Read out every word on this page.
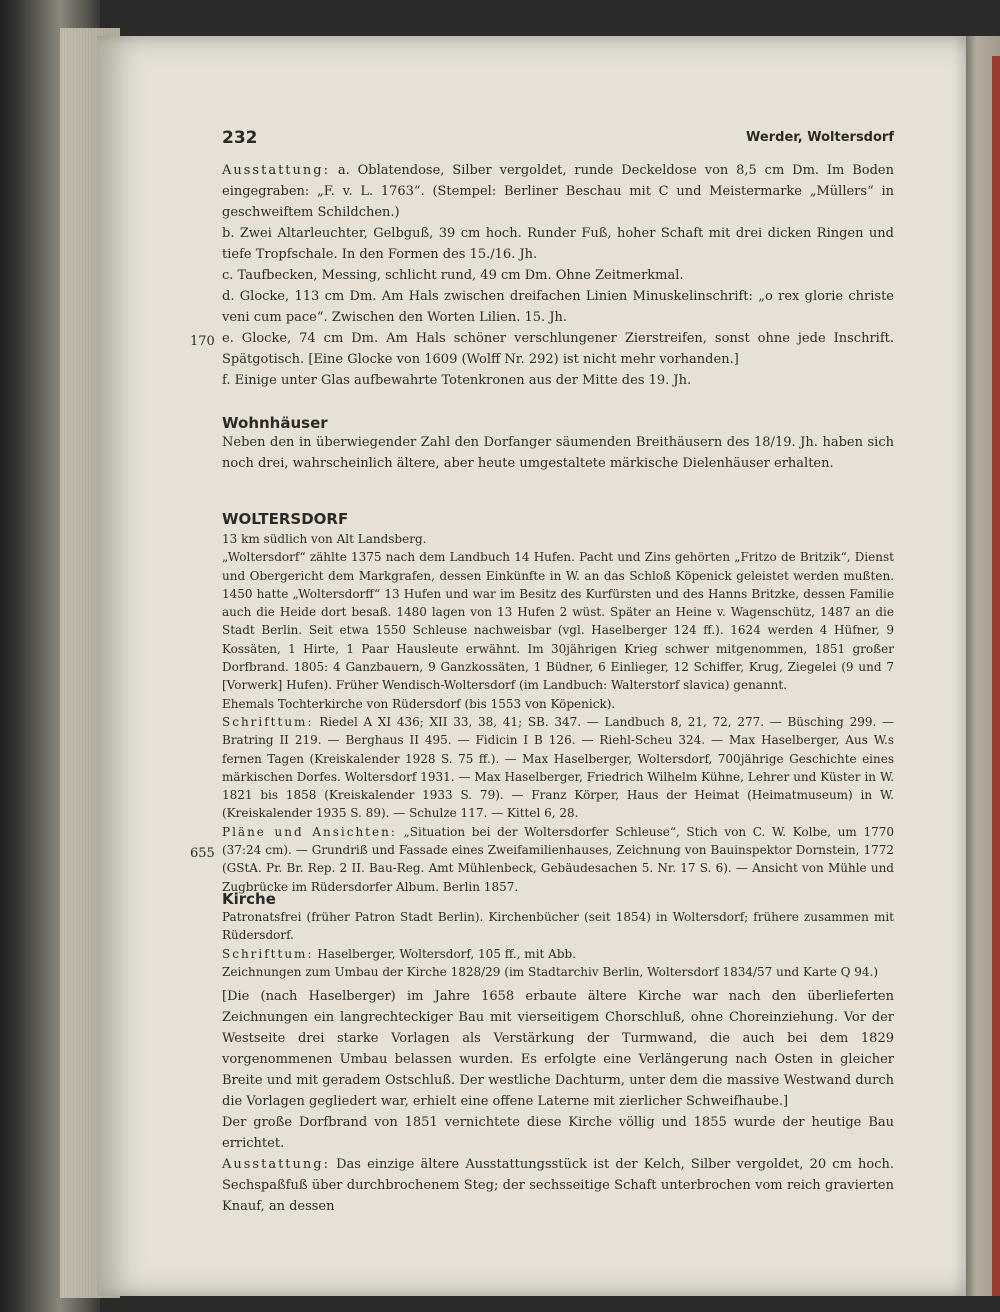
232	Werder, Woltersdorf

Ausstattung: a. Oblatendose, Silber vergoldet, runde Deckeldose von 8,5 cm Dm. Im Boden eingegraben: „F. v. L. 1763“. (Stempel: Berliner Beschau mit C und Meistermarke „Müllers“ in geschweiftem Schildchen.)

b. Zwei Altarleuchter, Gelbguß, 39 cm hoch. Runder Fuß, hoher Schaft mit drei dicken Ringen und tiefe Tropfschale. In den Formen des 15./16. Jh.

c. Taufbecken, Messing, schlicht rund, 49 cm Dm. Ohne Zeitmerkmal.

d. Glocke, 113 cm Dm. Am Hals zwischen dreifachen Linien Minuskelinschrift: „o rex glorie christe veni cum pace“. Zwischen den Worten Lilien. 15. Jh.

e. Glocke, 74 cm Dm. Am Hals schöner verschlungener Zierstreifen, sonst ohne jede Inschrift. Spätgotisch. [Eine Glocke von 1609 (Wolff Nr. 292) ist nicht mehr vorhanden.]

f. Einige unter Glas aufbewahrte Totenkronen aus der Mitte des 19. Jh.

170
Wohnhäuser

Neben den in überwiegender Zahl den Dorfanger säumenden Breithäusern des 18/19. Jh. haben sich noch drei, wahrscheinlich ältere, aber heute umgestaltete märkische Dielenhäuser erhalten.

WOLTERSDORF

13 km südlich von Alt Landsberg.

„Woltersdorf“ zählte 1375 nach dem Landbuch 14 Hufen. Pacht und Zins gehörten „Fritzo de Britzik“, Dienst und Obergericht dem Markgrafen, dessen Einkünfte in W. an das Schloß Köpenick geleistet werden mußten. 1450 hatte „Woltersdorff“ 13 Hufen und war im Besitz des Kurfürsten und des Hanns Britzke, dessen Familie auch die Heide dort besaß. 1480 lagen von 13 Hufen 2 wüst. Später an Heine v. Wagenschütz, 1487 an die Stadt Berlin. Seit etwa 1550 Schleuse nachweisbar (vgl. Haselberger 124 ff.). 1624 werden 4 Hüfner, 9 Kossäten, 1 Hirte, 1 Paar Hausleute erwähnt. Im 30jährigen Krieg schwer mitgenommen, 1851 großer Dorfbrand. 1805: 4 Ganzbauern, 9 Ganzkossäten, 1 Büdner, 6 Einlieger, 12 Schiffer, Krug, Ziegelei (9 und 7 [Vorwerk] Hufen). Früher Wendisch-Woltersdorf (im Landbuch: Walterstorf slavica) genannt.

Ehemals Tochterkirche von Rüdersdorf (bis 1553 von Köpenick).

Schrifttum: Riedel A XI 436; XII 33, 38, 41; SB. 347. — Landbuch 8, 21, 72, 277. — Büsching 299. — Bratring II 219. — Berghaus II 495. — Fidicin I B 126. — Riehl-Scheu 324. — Max Haselberger, Aus W.s fernen Tagen (Kreiskalender 1928 S. 75 ff.). — Max Haselberger, Woltersdorf, 700jährige Geschichte eines märkischen Dorfes. Woltersdorf 1931. — Max Haselberger, Friedrich Wilhelm Kühne, Lehrer und Küster in W. 1821 bis 1858 (Kreiskalender 1933 S. 79). — Franz Körper, Haus der Heimat (Heimatmuseum) in W. (Kreiskalender 1935 S. 89). — Schulze 117. — Kittel 6, 28.

Pläne und Ansichten: „Situation bei der Woltersdorfer Schleuse“, Stich von C. W. Kolbe, um 1770 (37:24 cm). — Grundriß und Fassade eines Zweifamilienhauses, Zeichnung von Bauinspektor Dornstein, 1772 (GStA. Pr. Br. Rep. 2 II. Bau-Reg. Amt Mühlenbeck, Gebäudesachen 5. Nr. 17 S. 6). — Ansicht von Mühle und Zugbrücke im Rüdersdorfer Album. Berlin 1857.

655
Kirche

Patronatsfrei (früher Patron Stadt Berlin). Kirchenbücher (seit 1854) in Woltersdorf; frühere zusammen mit Rüdersdorf.

Schrifttum: Haselberger, Woltersdorf, 105 ff., mit Abb.

Zeichnungen zum Umbau der Kirche 1828/29 (im Stadtarchiv Berlin, Woltersdorf 1834/57 und Karte Q 94.)

[Die (nach Haselberger) im Jahre 1658 erbaute ältere Kirche war nach den überlieferten Zeichnungen ein langrechteckiger Bau mit vierseitigem Chorschluß, ohne Choreinziehung. Vor der Westseite drei starke Vorlagen als Verstärkung der Turmwand, die auch bei dem 1829 vorgenommenen Umbau belassen wurden. Es erfolgte eine Verlängerung nach Osten in gleicher Breite und mit geradem Ostschluß. Der westliche Dachturm, unter dem die massive Westwand durch die Vorlagen gegliedert war, erhielt eine offene Laterne mit zierlicher Schweifhaube.]

Der große Dorfbrand von 1851 vernichtete diese Kirche völlig und 1855 wurde der heutige Bau errichtet.

Ausstattung: Das einzige ältere Ausstattungsstück ist der Kelch, Silber vergoldet, 20 cm hoch. Sechspaßfuß über durchbrochenem Steg; der sechsseitige Schaft unterbrochen vom reich gravierten Knauf, an dessen
